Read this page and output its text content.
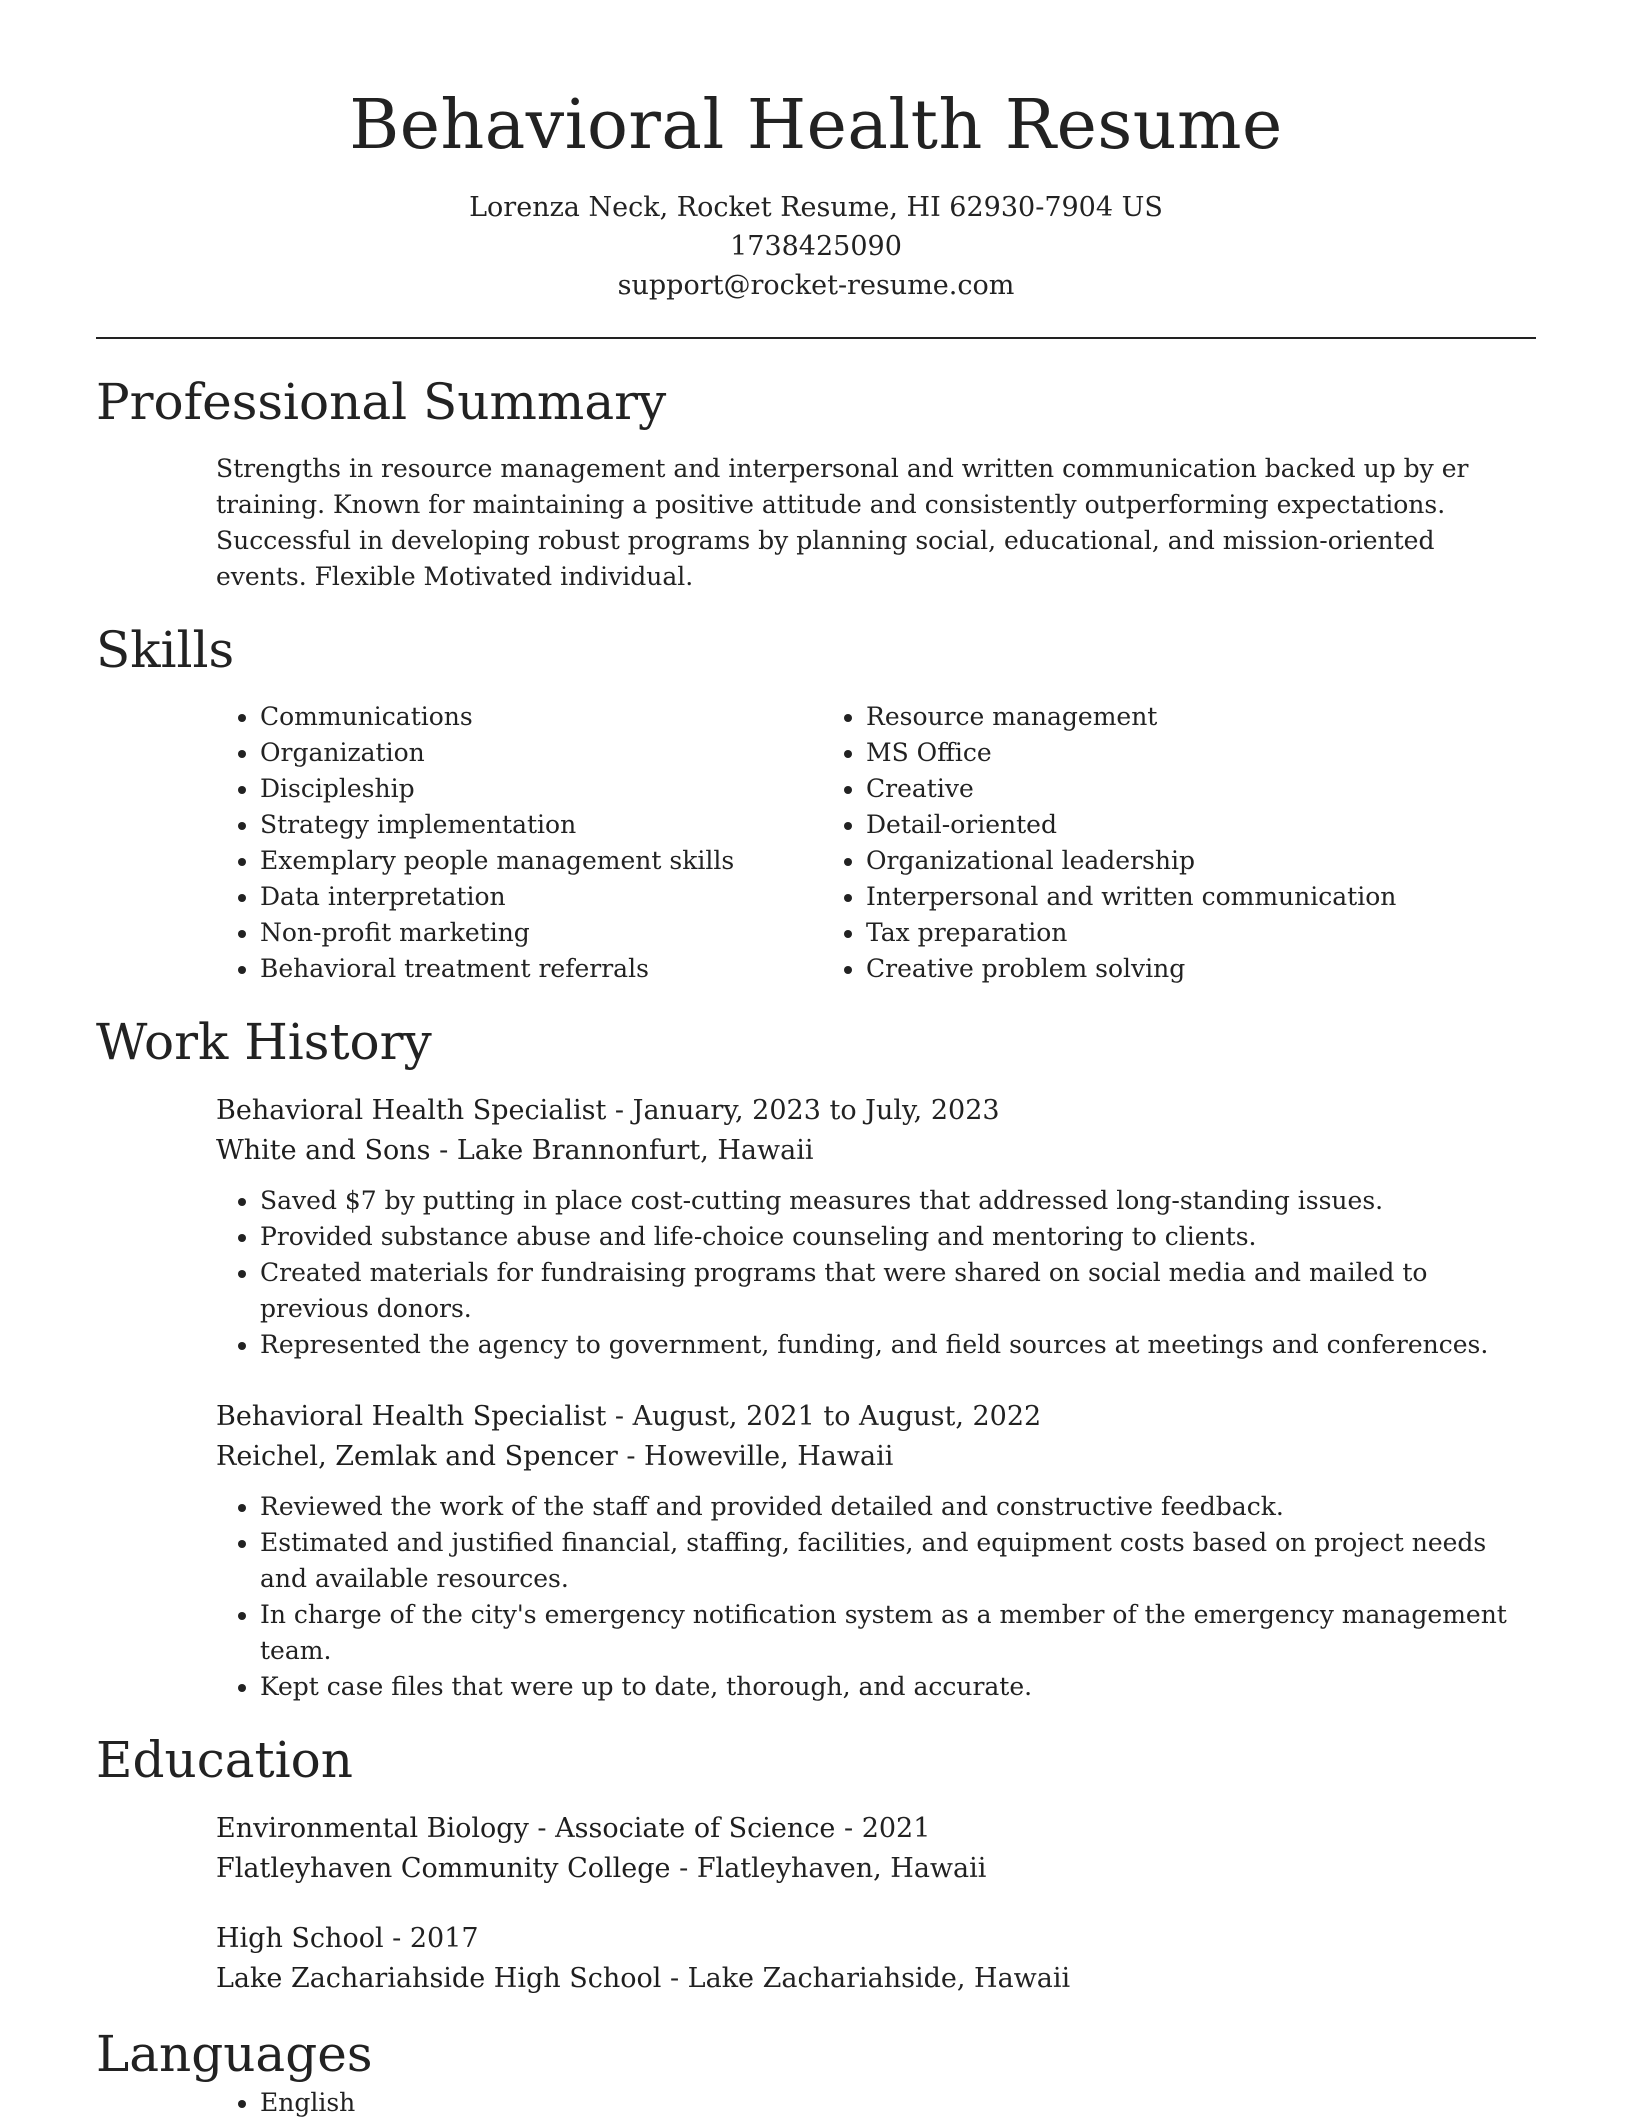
Behavioral Health Resume
Lorenza Neck, Rocket Resume, HI 62930-7904 US
1738425090
support@rocket-resume.com
Professional Summary

Strengths in resource management and interpersonal and written communication backed up by er training. Known for maintaining a positive attitude and consistently outperforming expectations. Successful in developing robust programs by planning social, educational, and mission-oriented events. Flexible Motivated individual.

Skills
• Communications
• Organization
• Discipleship
• Strategy implementation
• Exemplary people management skills
• Data interpretation
• Non-profit marketing
• Behavioral treatment referrals
• Resource management
• MS Office
• Creative
• Detail-oriented
• Organizational leadership
• Interpersonal and written communication
• Tax preparation
• Creative problem solving
Work History
Behavioral Health Specialist - January, 2023 to July, 2023
White and Sons - Lake Brannonfurt, Hawaii
• Saved $7 by putting in place cost-cutting measures that addressed long-standing issues.
• Provided substance abuse and life-choice counseling and mentoring to clients.
• Created materials for fundraising programs that were shared on social media and mailed to previous donors.
• Represented the agency to government, funding, and field sources at meetings and conferences.
Behavioral Health Specialist - August, 2021 to August, 2022
Reichel, Zemlak and Spencer - Howeville, Hawaii
• Reviewed the work of the staff and provided detailed and constructive feedback.
• Estimated and justified financial, staffing, facilities, and equipment costs based on project needs and available resources.
• In charge of the city's emergency notification system as a member of the emergency management team.
• Kept case files that were up to date, thorough, and accurate.
Education
Environmental Biology - Associate of Science - 2021
Flatleyhaven Community College - Flatleyhaven, Hawaii
High School - 2017
Lake Zachariahside High School - Lake Zachariahside, Hawaii
Languages
• English
